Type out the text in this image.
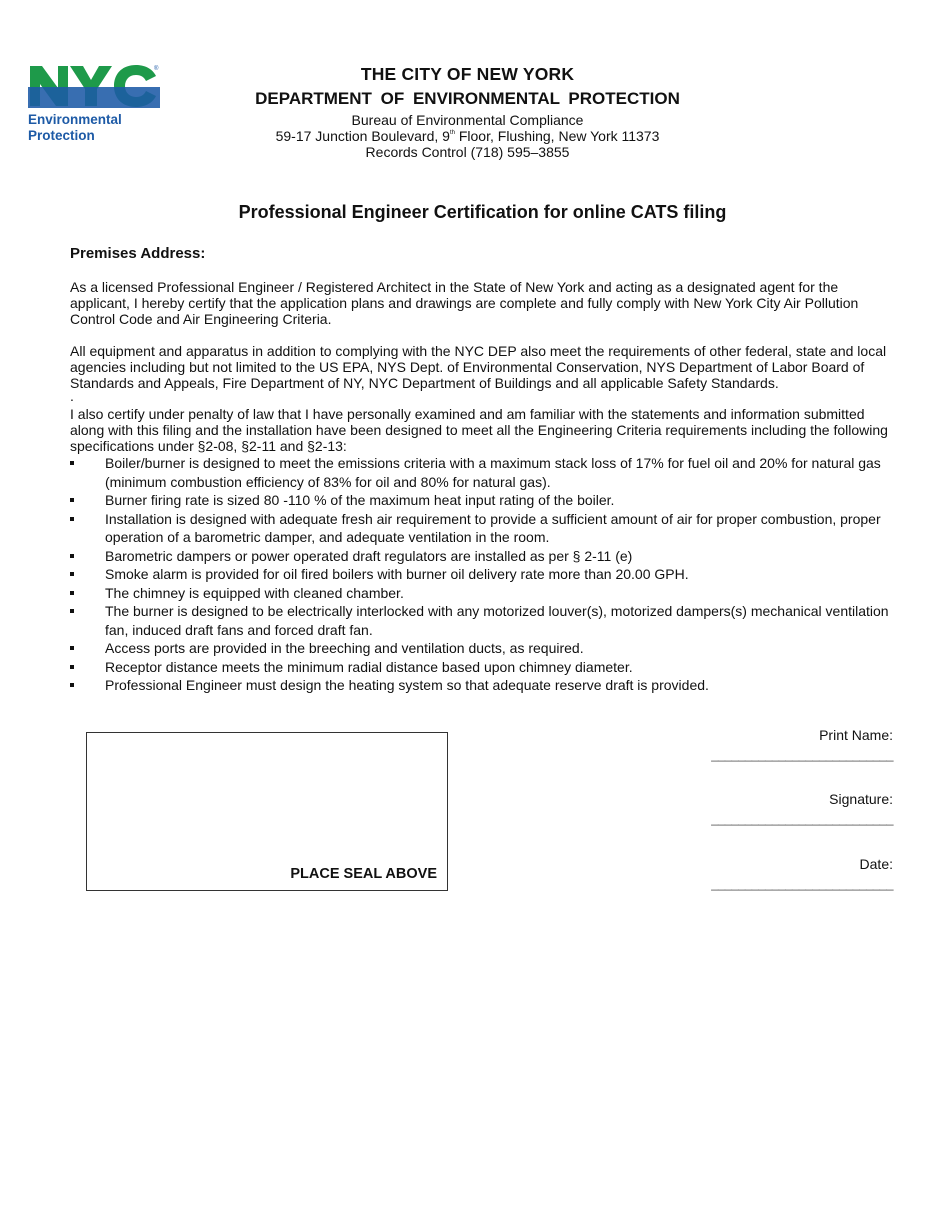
®
Environmental
Protection
THE CITY OF NEW YORK
DEPARTMENT OF ENVIRONMENTAL PROTECTION
Bureau of Environmental Compliance
59-17 Junction Boulevard, 9th Floor, Flushing, New York 11373
Records Control (718) 595–3855
Professional Engineer Certification for online CATS filing
Premises Address:
As a licensed Professional Engineer / Registered Architect in the State of New York and acting as a designated agent for the applicant, I hereby certify that the application plans and drawings are complete and fully comply with New York City Air Pollution Control Code and Air Engineering Criteria.
All equipment and apparatus in addition to complying with the NYC DEP also meet the requirements of other federal, state and local agencies including but not limited to the US EPA, NYS Dept. of Environmental Conservation, NYS Department of Labor Board of Standards and Appeals, Fire Department of NY, NYC Department of Buildings and all applicable Safety Standards.
.
I also certify under penalty of law that I have personally examined and am familiar with the statements and information submitted along with this filing and the installation have been designed to meet all the Engineering Criteria requirements including the following specifications under §2-08, §2-11 and §2-13:
Boiler/burner is designed to meet the emissions criteria with a maximum stack loss of 17% for fuel oil and 20% for natural gas (minimum combustion efficiency of 83% for oil and 80% for natural gas).
Burner firing rate is sized 80 -110 % of the maximum heat input rating of the boiler.
Installation is designed with adequate fresh air requirement to provide a sufficient amount of air for proper combustion, proper operation of a barometric damper, and adequate ventilation in the room.
Barometric dampers or power operated draft regulators are installed as per § 2-11 (e)
Smoke alarm is provided for oil fired boilers with burner oil delivery rate more than 20.00 GPH.
The chimney is equipped with cleaned chamber.
The burner is designed to be electrically interlocked with any motorized louver(s), motorized dampers(s) mechanical ventilation fan, induced draft fans and forced draft fan.
Access ports are provided in the breeching and ventilation ducts, as required.
Receptor distance meets the minimum radial distance based upon chimney diameter.
Professional Engineer must design the heating system so that adequate reserve draft is provided.
PLACE SEAL ABOVE
Print Name:
___________________________
Signature:
___________________________
Date:
___________________________
